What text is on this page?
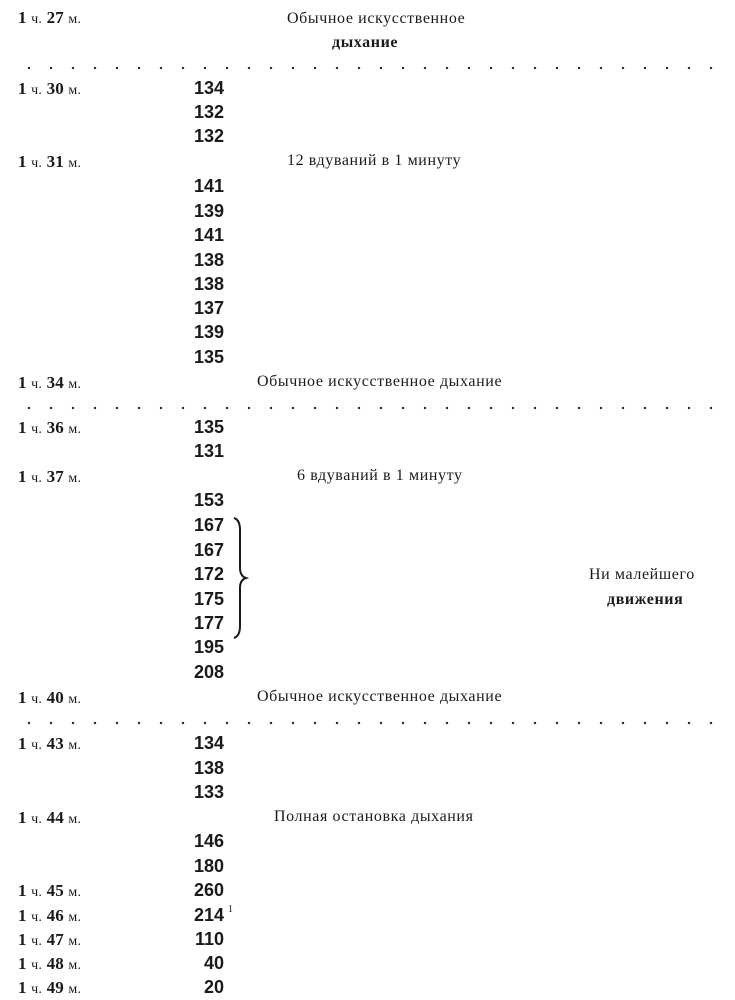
1 ч. 27 м.	Обычное искусственное
дыхание
1 ч. 30 м.	134
132
132
1 ч. 31 м.	12 вдуваний в 1 минуту
141
139
141
138
138
137
139
135
1 ч. 34 м.	Обычное искусственное дыхание
1 ч. 36 м.	135
131
1 ч. 37 м.	6 вдуваний в 1 минуту
153
167
167
172
175
177
195
208
Ни малейшего
движения
1 ч. 40 м.	Обычное искусственное дыхание
1 ч. 43 м.	134
138
133
1 ч. 44 м.	Полная остановка дыхания
146
180
1 ч. 45 м.	260
1 ч. 46 м.	214 1
1 ч. 47 м.	110
1 ч. 48 м.	40
1 ч. 49 м.	20
